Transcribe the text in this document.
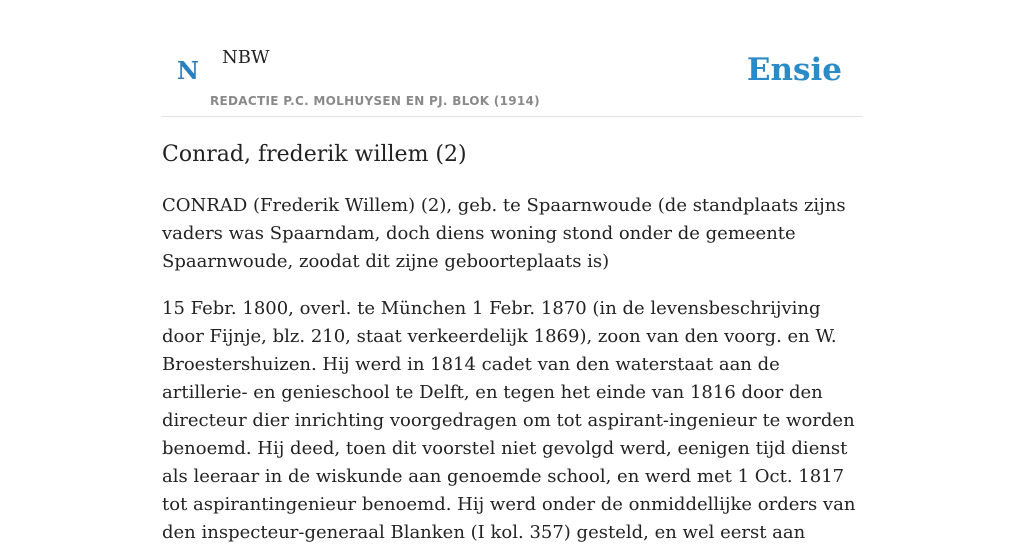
N NBW
REDACTIE P.C. MOLHUYSEN EN PJ. BLOK (1914)
Ensie
Conrad, frederik willem (2)

CONRAD (Frederik Willem) (2), geb. te Spaarnwoude (de standplaats zijns vaders was Spaarndam, doch diens woning stond onder de gemeente Spaarnwoude, zoodat dit zijne geboorteplaats is)

15 Febr. 1800, overl. te München 1 Febr. 1870 (in de levensbeschrijving door Fijnje, blz. 210, staat verkeerdelijk 1869), zoon van den voorg. en W. Broestershuizen. Hij werd in 1814 cadet van den waterstaat aan de artillerie- en genieschool te Delft, en tegen het einde van 1816 door den directeur dier inrichting voorgedragen om tot aspirant-ingenieur te worden benoemd. Hij deed, toen dit voorstel niet gevolgd werd, eenigen tijd dienst als leeraar in de wiskunde aan genoemde school, en werd met 1 Oct. 1817 tot aspirantingenieur benoemd. Hij werd onder de onmiddellijke orders van den inspecteur-generaal Blanken (I kol. 357) gesteld, en wel eerst aan
